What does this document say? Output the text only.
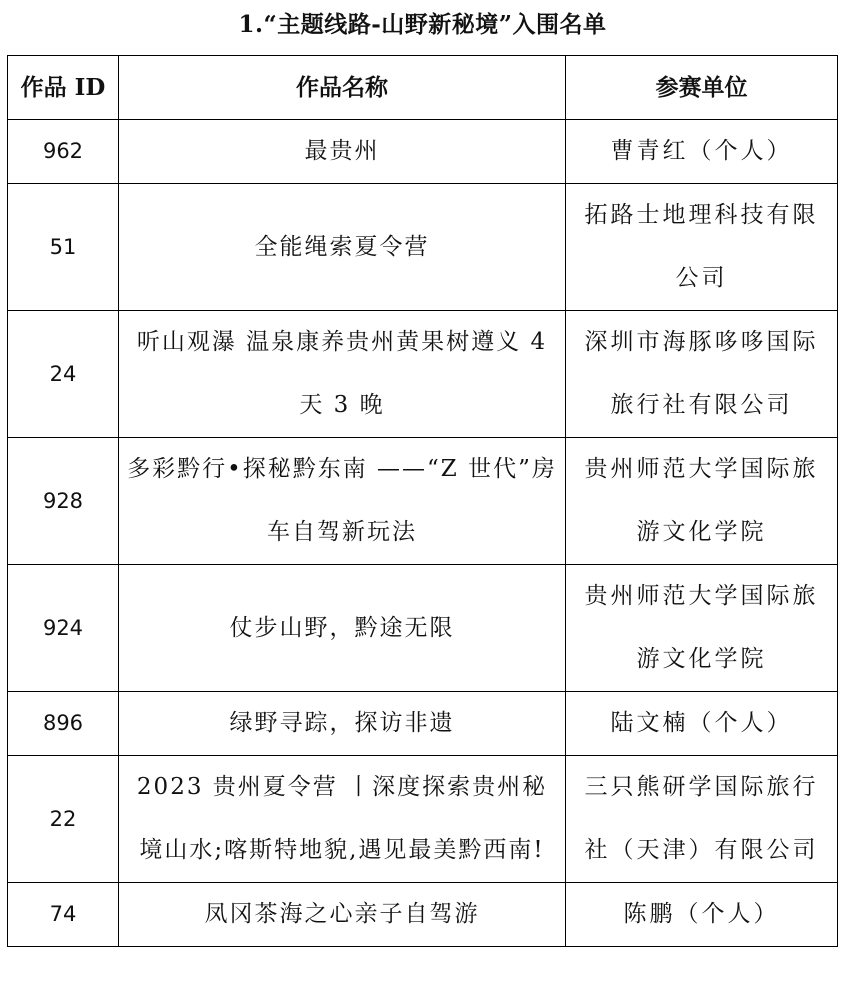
1.“主题线路-山野新秘境”入围名单
作品 ID	作品名称	参赛单位
962	最贵州	曹青红（个人）
51	全能绳索夏令营	拓路士地理科技有限公司
24	听山观瀑 温泉康养贵州黄果树遵义 4 天 3 晚	深圳市海豚哆哆国际旅行社有限公司
928	多彩黔行•探秘黔东南 ——“Z 世代”房车自驾新玩法	贵州师范大学国际旅游文化学院
924	仗步山野，黔途无限	贵州师范大学国际旅游文化学院
896	绿野寻踪，探访非遗	陆文楠（个人）
22	2023 贵州夏令营 丨深度探索贵州秘境山水;喀斯特地貌,遇见最美黔西南!	三只熊研学国际旅行社（天津）有限公司
74	凤冈茶海之心亲子自驾游	陈鹏（个人）
